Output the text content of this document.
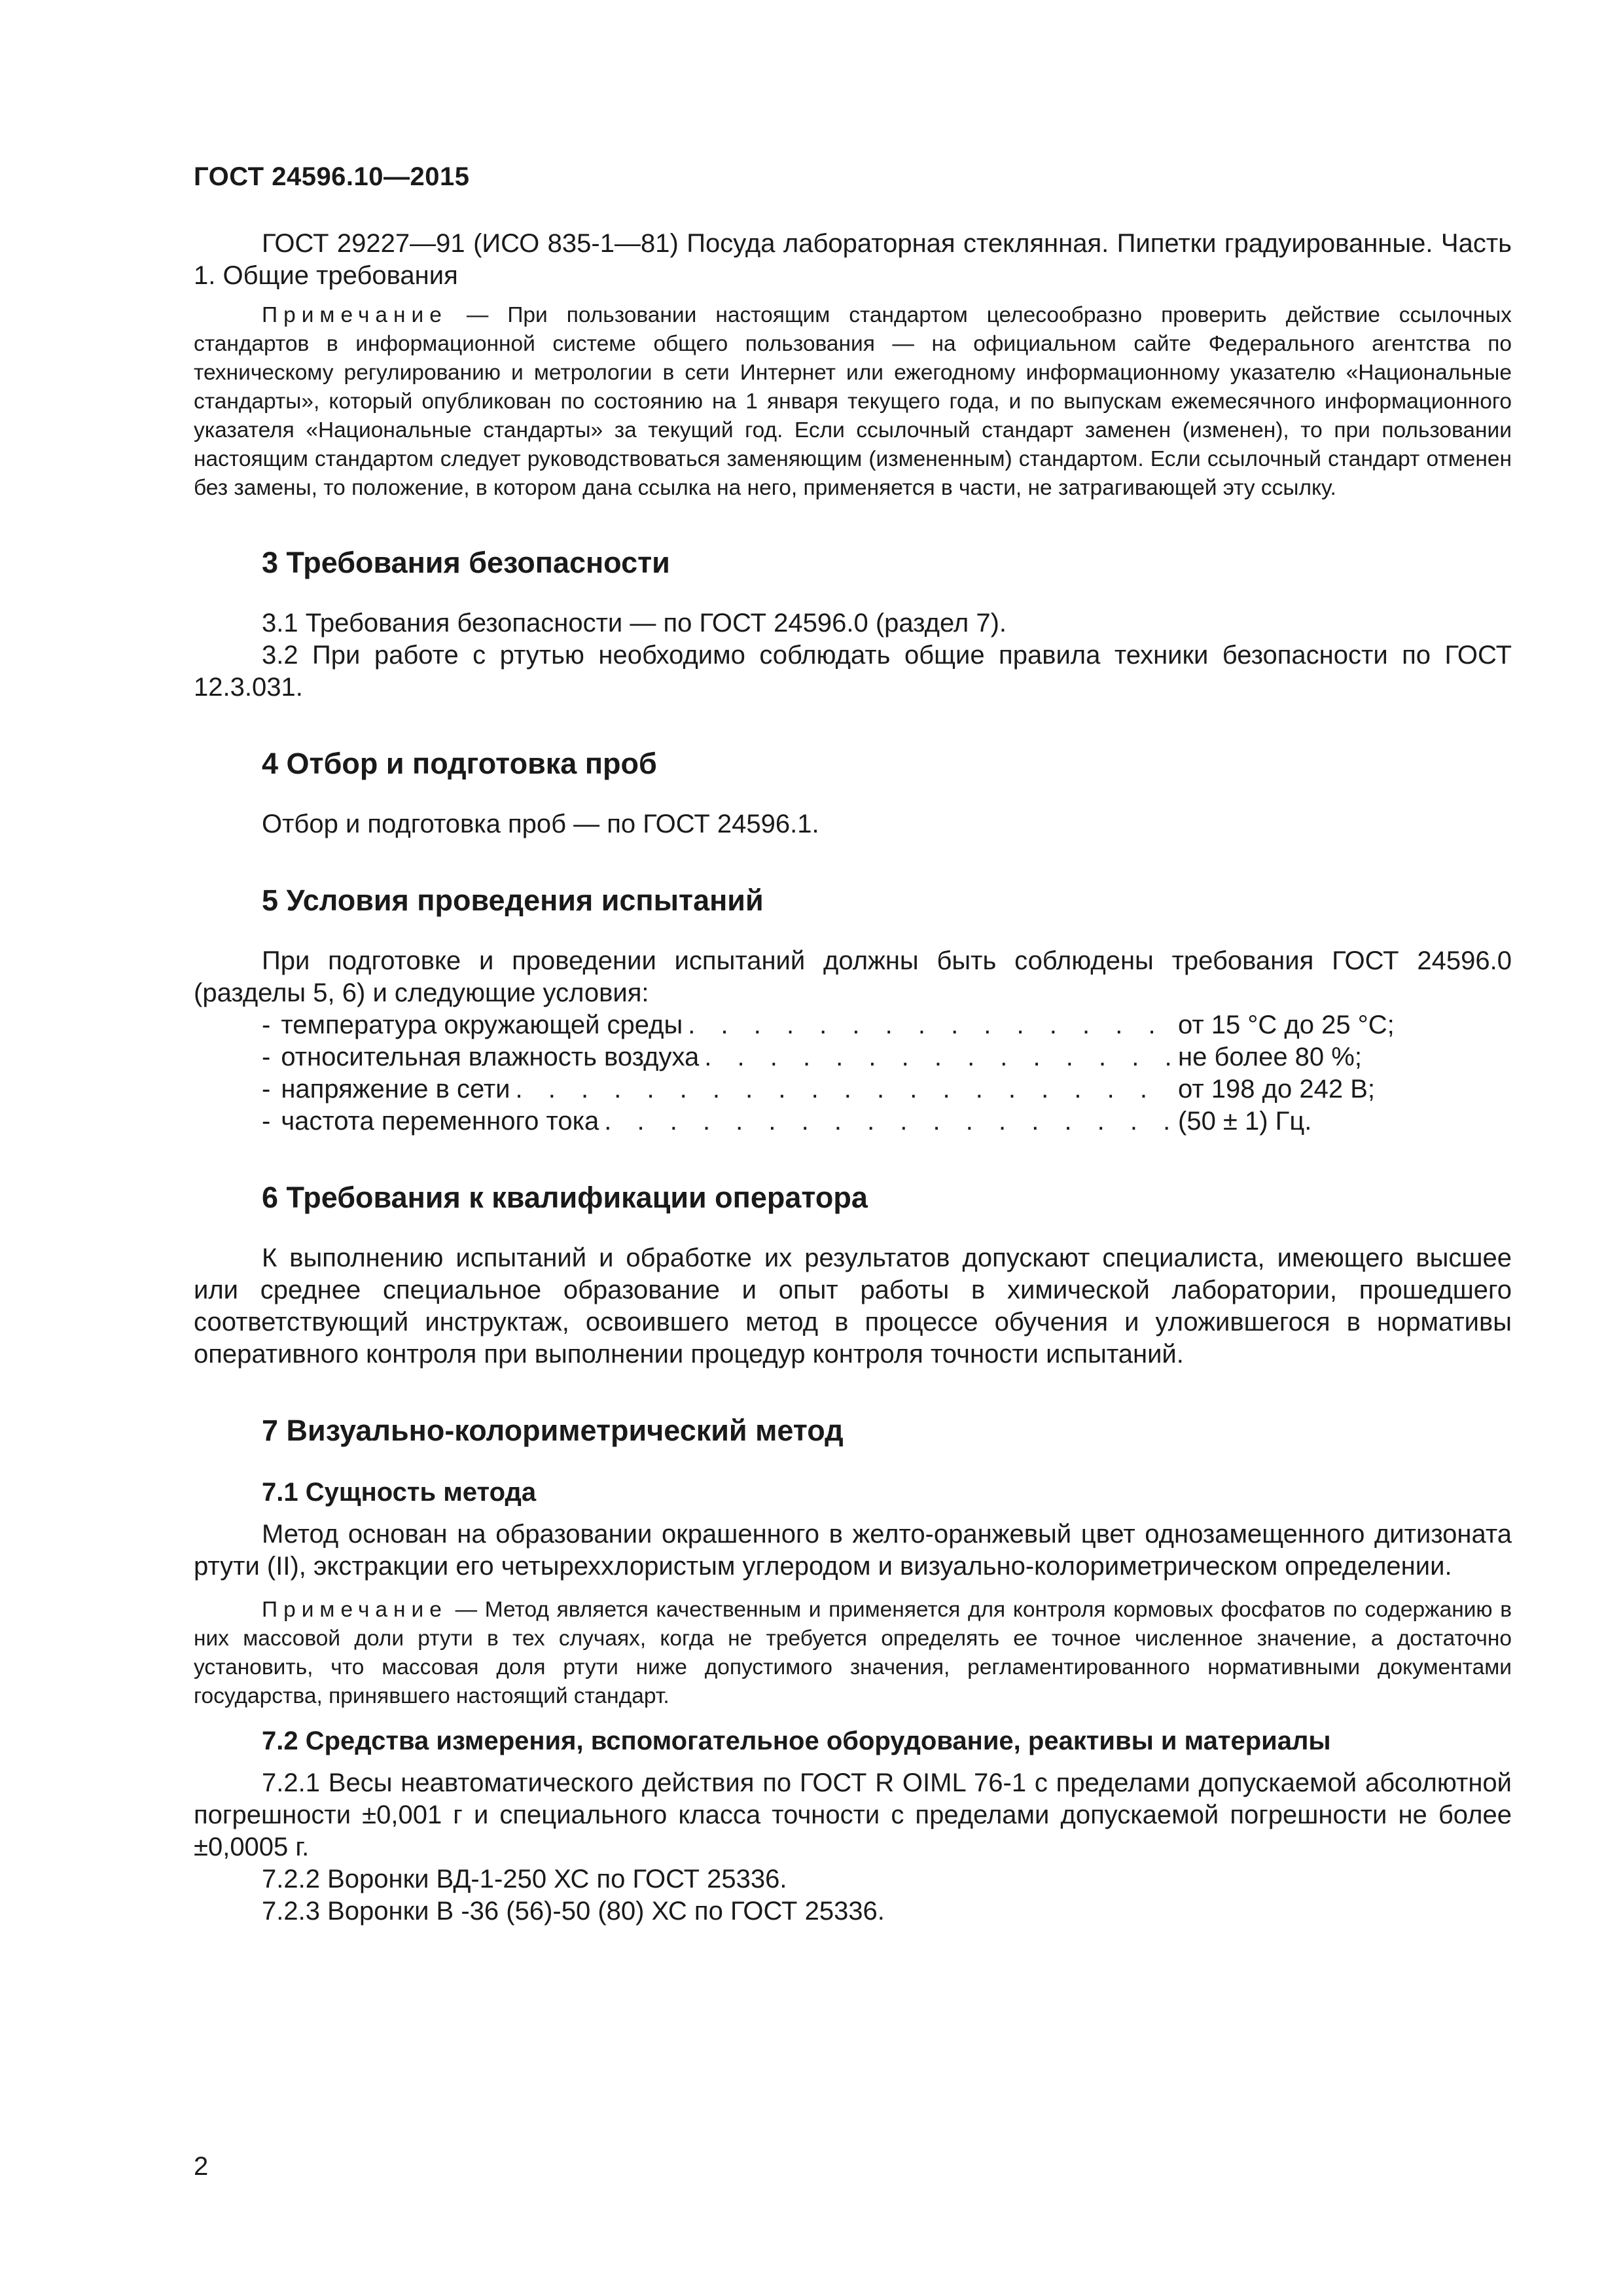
ГОСТ 24596.10—2015

ГОСТ 29227—91 (ИСО 835-1—81) Посуда лабораторная стеклянная. Пипетки градуированные. Часть 1. Общие требования

Примечание — При пользовании настоящим стандартом целесообразно проверить действие ссылочных стандартов в информационной системе общего пользования — на официальном сайте Федерального агентства по техническому регулированию и метрологии в сети Интернет или ежегодному информационному указателю «Национальные стандарты», который опубликован по состоянию на 1 января текущего года, и по выпускам ежемесячного информационного указателя «Национальные стандарты» за текущий год. Если ссылочный стандарт заменен (изменен), то при пользовании настоящим стандартом следует руководствоваться заменяющим (измененным) стандартом. Если ссылочный стандарт отменен без замены, то положение, в котором дана ссылка на него, применяется в части, не затрагивающей эту ссылку.

3 Требования безопасности

3.1 Требования безопасности — по ГОСТ 24596.0 (раздел 7).

3.2 При работе с ртутью необходимо соблюдать общие правила техники безопасности по ГОСТ 12.3.031.

4 Отбор и подготовка проб

Отбор и подготовка проб — по ГОСТ 24596.1.

5 Условия проведения испытаний

При подготовке и проведении испытаний должны быть соблюдены требования ГОСТ 24596.0 (разделы 5, 6) и следующие условия:

- температура окружающей среды . . .	от 15 °С до 25 °С;
- относительная влажность воздуха . . .	не более 80 %;
- напряжение в сети . . .	от 198 до 242 В;
- частота переменного тока . . .	(50 ± 1) Гц.
6 Требования к квалификации оператора

К выполнению испытаний и обработке их результатов допускают специалиста, имеющего высшее или среднее специальное образование и опыт работы в химической лаборатории, прошедшего соответствующий инструктаж, освоившего метод в процессе обучения и уложившегося в нормативы оперативного контроля при выполнении процедур контроля точности испытаний.

7 Визуально-колориметрический метод
7.1 Сущность метода

Метод основан на образовании окрашенного в желто-оранжевый цвет однозамещенного дитизоната ртути (II), экстракции его четыреххлористым углеродом и визуально-колориметрическом определении.

Примечание — Метод является качественным и применяется для контроля кормовых фосфатов по содержанию в них массовой доли ртути в тех случаях, когда не требуется определять ее точное численное значение, а достаточно установить, что массовая доля ртути ниже допустимого значения, регламентированного нормативными документами государства, принявшего настоящий стандарт.

7.2 Средства измерения, вспомогательное оборудование, реактивы и материалы

7.2.1 Весы неавтоматического действия по ГОСТ R OIML 76-1 с пределами допускаемой абсолютной погрешности ±0,001 г и специального класса точности с пределами допускаемой погрешности не более ±0,0005 г.

7.2.2 Воронки ВД-1-250 ХС по ГОСТ 25336.

7.2.3 Воронки В -36 (56)-50 (80) ХС по ГОСТ 25336.

2
